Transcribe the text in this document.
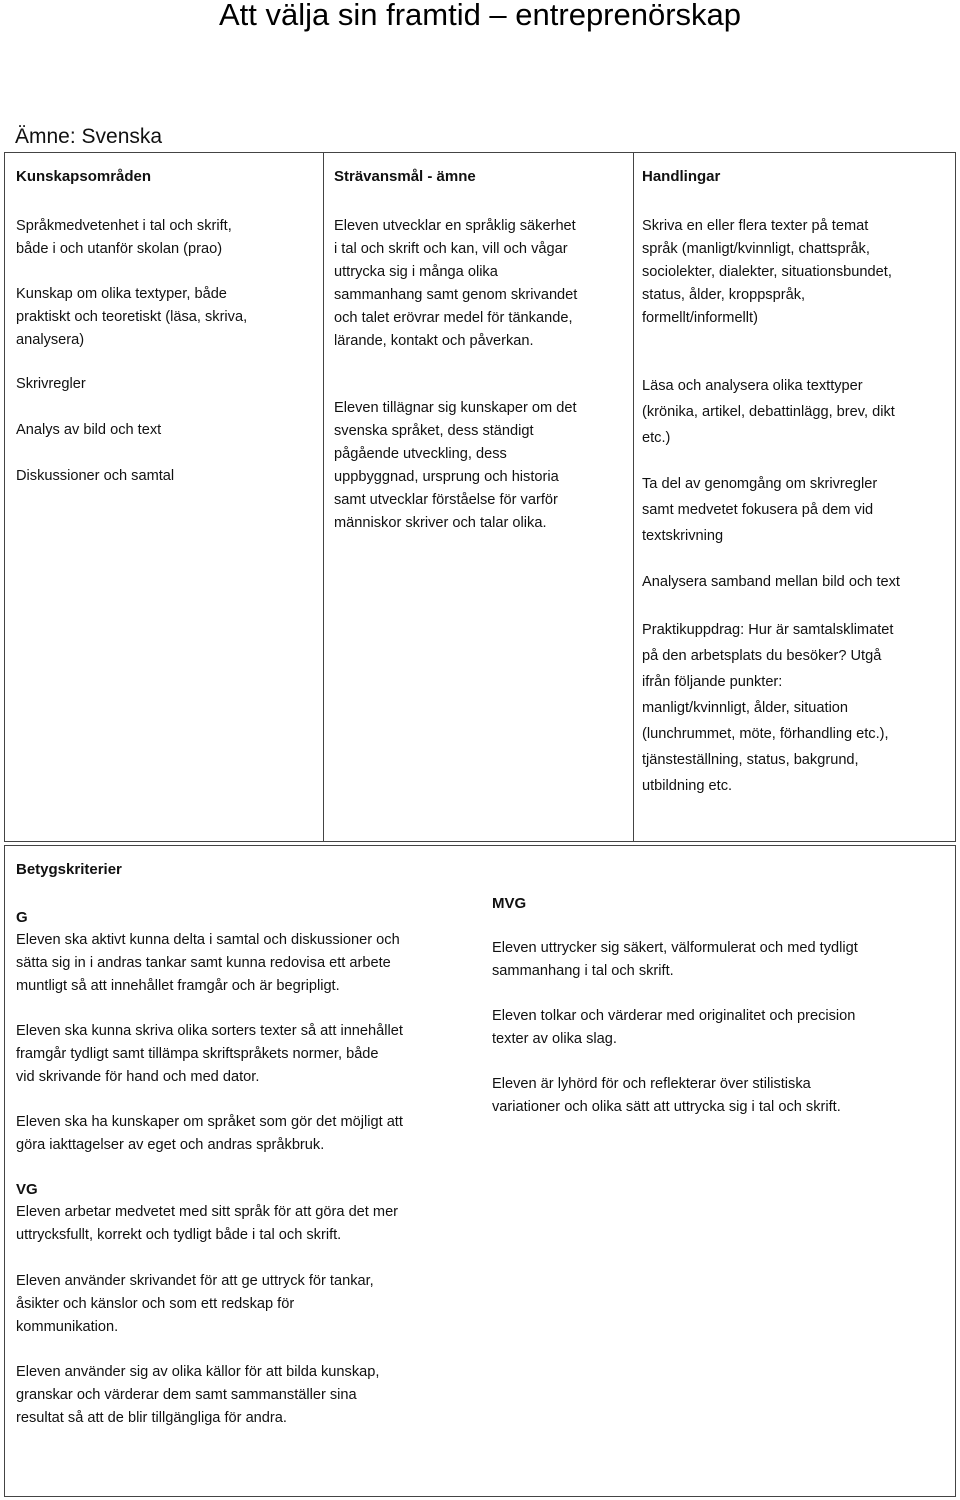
Att välja sin framtid – entreprenörskap
Ämne: Svenska
Kunskapsområden
Språkmedvetenhet i tal och skrift,
både i och utanför skolan (prao)
Kunskap om olika textyper, både
praktiskt och teoretiskt (läsa, skriva,
analysera)
Skrivregler
Analys av bild och text
Diskussioner och samtal
Strävansmål - ämne
Eleven utvecklar en språklig säkerhet
i tal och skrift och kan, vill och vågar
uttrycka sig i många olika
sammanhang samt genom skrivandet
och talet erövrar medel för tänkande,
lärande, kontakt och påverkan.
Eleven tillägnar sig kunskaper om det
svenska språket, dess ständigt
pågående utveckling, dess
uppbyggnad, ursprung och historia
samt utvecklar förståelse för varför
människor skriver och talar olika.
Handlingar
Skriva en eller flera texter på temat
språk (manligt/kvinnligt, chattspråk,
sociolekter, dialekter, situationsbundet,
status, ålder, kroppspråk,
formellt/informellt)
Läsa och analysera olika texttyper
(krönika, artikel, debattinlägg, brev, dikt
etc.)
Ta del av genomgång om skrivregler
samt medvetet fokusera på dem vid
textskrivning
Analysera samband mellan bild och text
Praktikuppdrag: Hur är samtalsklimatet
på den arbetsplats du besöker? Utgå
ifrån följande punkter:
manligt/kvinnligt, ålder, situation
(lunchrummet, möte, förhandling etc.),
tjänsteställning, status, bakgrund,
utbildning etc.
Betygskriterier
G
Eleven ska aktivt kunna delta i samtal och diskussioner och
sätta sig in i andras tankar samt kunna redovisa ett arbete
muntligt så att innehållet framgår och är begripligt.
Eleven ska kunna skriva olika sorters texter så att innehållet
framgår tydligt samt tillämpa skriftspråkets normer, både
vid skrivande för hand och med dator.
Eleven ska ha kunskaper om språket som gör det möjligt att
göra iakttagelser av eget och andras språkbruk.
VG
Eleven arbetar medvetet med sitt språk för att göra det mer
uttrycksfullt, korrekt och tydligt både i tal och skrift.
Eleven använder skrivandet för att ge uttryck för tankar,
åsikter och känslor och som ett redskap för
kommunikation.
Eleven använder sig av olika källor för att bilda kunskap,
granskar och värderar dem samt sammanställer sina
resultat så att de blir tillgängliga för andra.
MVG
Eleven uttrycker sig säkert, välformulerat och med tydligt
sammanhang i tal och skrift.
Eleven tolkar och värderar med originalitet och precision
texter av olika slag.
Eleven är lyhörd för och reflekterar över stilistiska
variationer och olika sätt att uttrycka sig i tal och skrift.
